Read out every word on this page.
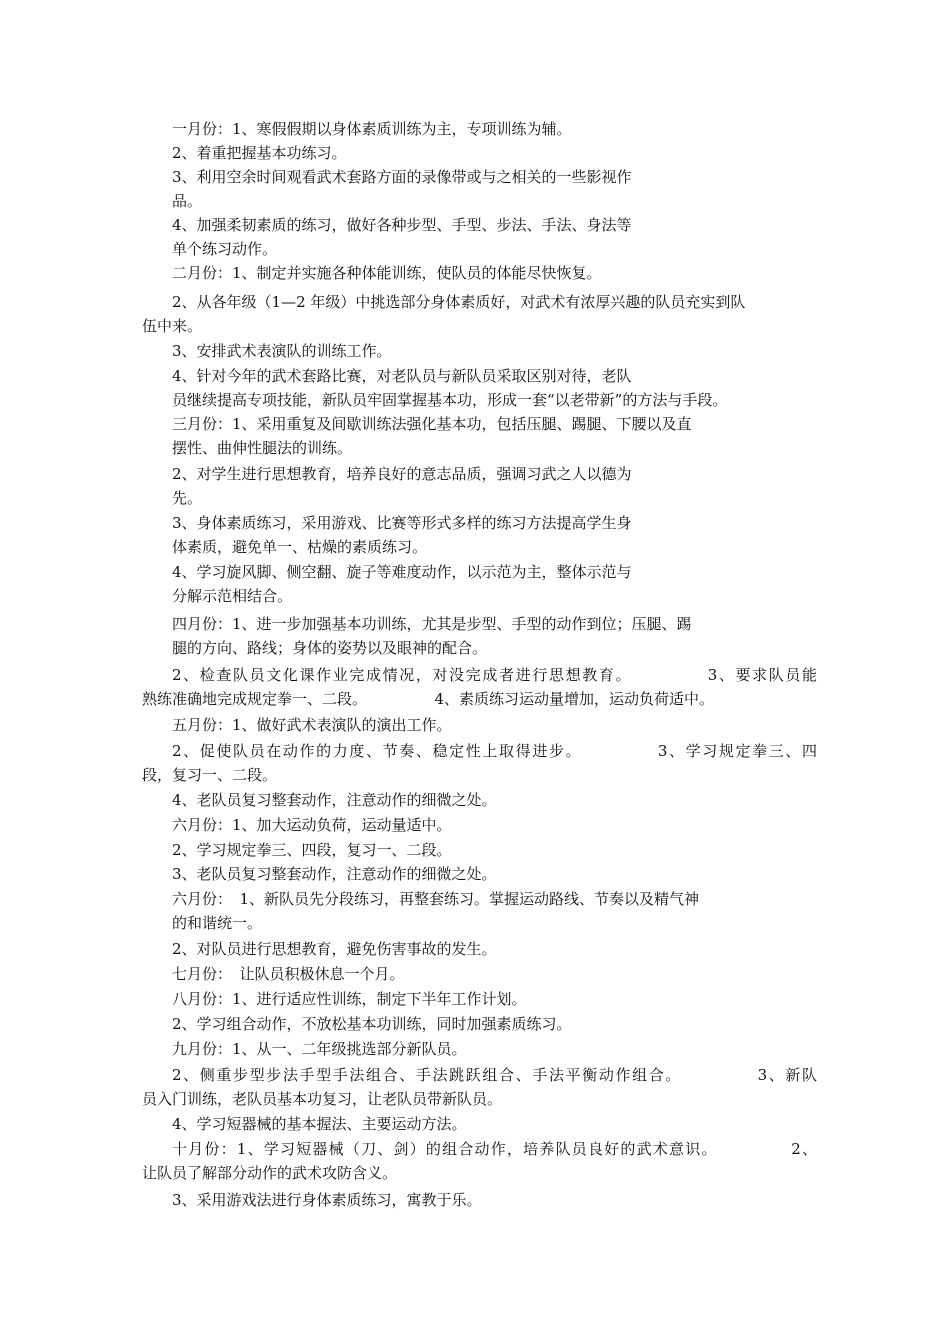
一月份：1、寒假假期以身体素质训练为主，专项训练为辅。
2、着重把握基本功练习。
3、利用空余时间观看武术套路方面的录像带或与之相关的一些影视作
品。
4、加强柔韧素质的练习，做好各种步型、手型、步法、手法、身法等
单个练习动作。
二月份：1、制定并实施各种体能训练，使队员的体能尽快恢复。
2、从各年级（1—2 年级）中挑选部分身体素质好，对武术有浓厚兴趣的队员充实到队
伍中来。
3、安排武术表演队的训练工作。
4、针对今年的武术套路比赛，对老队员与新队员采取区别对待，老队
员继续提高专项技能，新队员牢固掌握基本功，形成一套“以老带新”的方法与手段。
三月份：1、采用重复及间歇训练法强化基本功，包括压腿、踢腿、下腰以及直
摆性、曲伸性腿法的训练。
2、对学生进行思想教育，培养良好的意志品质，强调习武之人以德为
先。
3、身体素质练习，采用游戏、比赛等形式多样的练习方法提高学生身
体素质，避免单一、枯燥的素质练习。
4、学习旋风脚、侧空翻、旋子等难度动作，以示范为主，整体示范与
分解示范相结合。
四月份：1、进一步加强基本功训练，尤其是步型、手型的动作到位；压腿、踢
腿的方向、路线；身体的姿势以及眼神的配合。
2、检查队员文化课作业完成情况，对没完成者进行思想教育。　　　　　3、要求队员能
熟练准确地完成规定拳一、二段。　　　　　4、素质练习运动量增加，运动负荷适中。
五月份：1、做好武术表演队的演出工作。
2、促使队员在动作的力度、节奏、稳定性上取得进步。　　　　　3、学习规定拳三、四
段，复习一、二段。
4、老队员复习整套动作，注意动作的细微之处。
六月份：1、加大运动负荷，运动量适中。
2、学习规定拳三、四段，复习一、二段。
3、老队员复习整套动作，注意动作的细微之处。
六月份：　1、新队员先分段练习，再整套练习。掌握运动路线、节奏以及精气神
的和谐统一。
2、对队员进行思想教育，避免伤害事故的发生。
七月份：　让队员积极休息一个月。
八月份：1、进行适应性训练，制定下半年工作计划。
2、学习组合动作，不放松基本功训练，同时加强素质练习。
九月份：1、从一、二年级挑选部分新队员。
2、侧重步型步法手型手法组合、手法跳跃组合、手法平衡动作组合。　　　　　3、新队
员入门训练，老队员基本功复习，让老队员带新队员。
4、学习短器械的基本握法、主要运动方法。
十月份：1、学习短器械（刀、剑）的组合动作，培养队员良好的武术意识。　　　　　2、
让队员了解部分动作的武术攻防含义。
3、采用游戏法进行身体素质练习，寓教于乐。
